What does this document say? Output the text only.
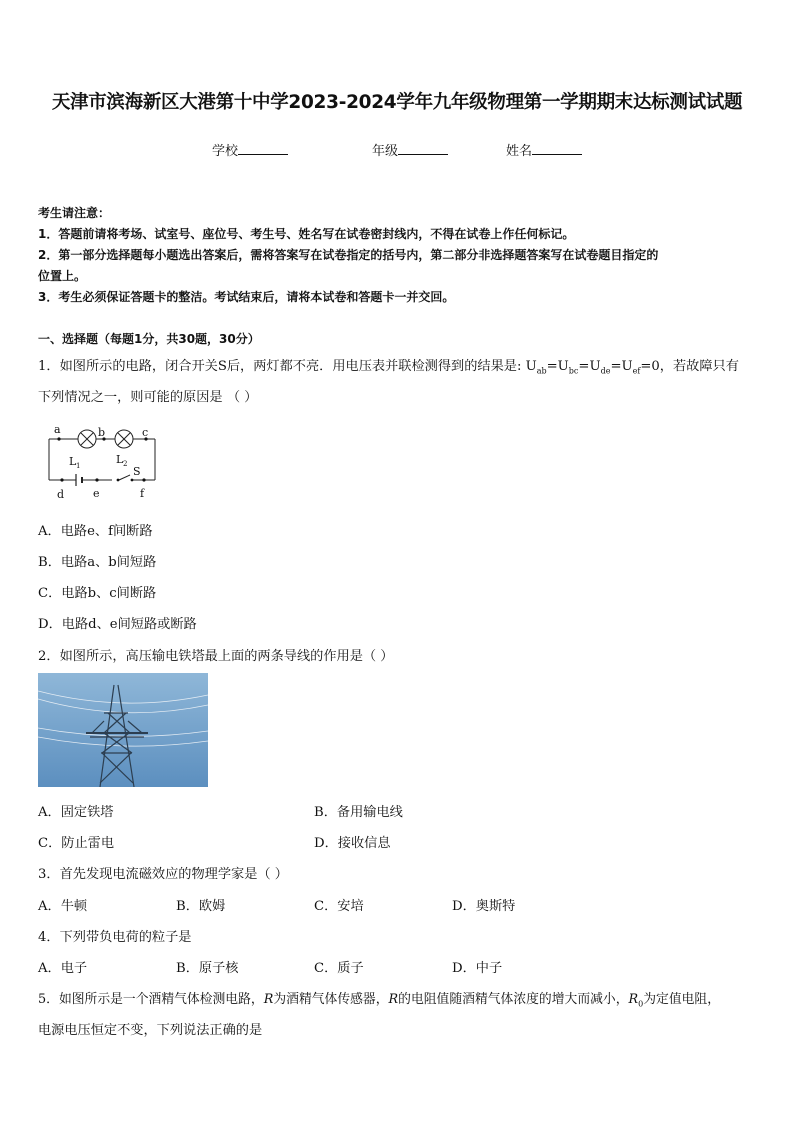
天津市滨海新区大港第十中学2023-2024学年九年级物理第一学期期末达标测试试题
学校	年级	姓名
考生请注意：
1．答题前请将考场、试室号、座位号、考生号、姓名写在试卷密封线内，不得在试卷上作任何标记。
2．第一部分选择题每小题选出答案后，需将答案写在试卷指定的括号内，第二部分非选择题答案写在试卷题目指定的
位置上。
3．考生必须保证答题卡的整洁。考试结束后，请将本试卷和答题卡一并交回。
一、选择题（每题1分，共30题，30分）
1．如图所示的电路，闭合开关S后，两灯都不亮．用电压表并联检测得到的结果是: $U_{ab}=U_{bc}=U_{de}=U_{ef}=0$，若故障只有
下列情况之一，则可能的原因是 （ ）
a	b	c
d	e	f
L 1	L 2
S
A．电路e、f间断路
B．电路a、b间短路
C．电路b、c间断路
D．电路d、e间短路或断路
2．如图所示，高压输电铁塔最上面的两条导线的作用是（ ）
A．固定铁塔	B．备用输电线
C．防止雷电	D．接收信息
3．首先发现电流磁效应的物理学家是（ ）
A．牛顿	B．欧姆	C．安培	D．奥斯特
4．下列带负电荷的粒子是
A．电子	B．原子核	C．质子	D．中子
5．如图所示是一个酒精气体检测电路，R为酒精气体传感器，R的电阻值随酒精气体浓度的增大而减小，$R_0$为定值电阻，
电源电压恒定不变，下列说法正确的是
